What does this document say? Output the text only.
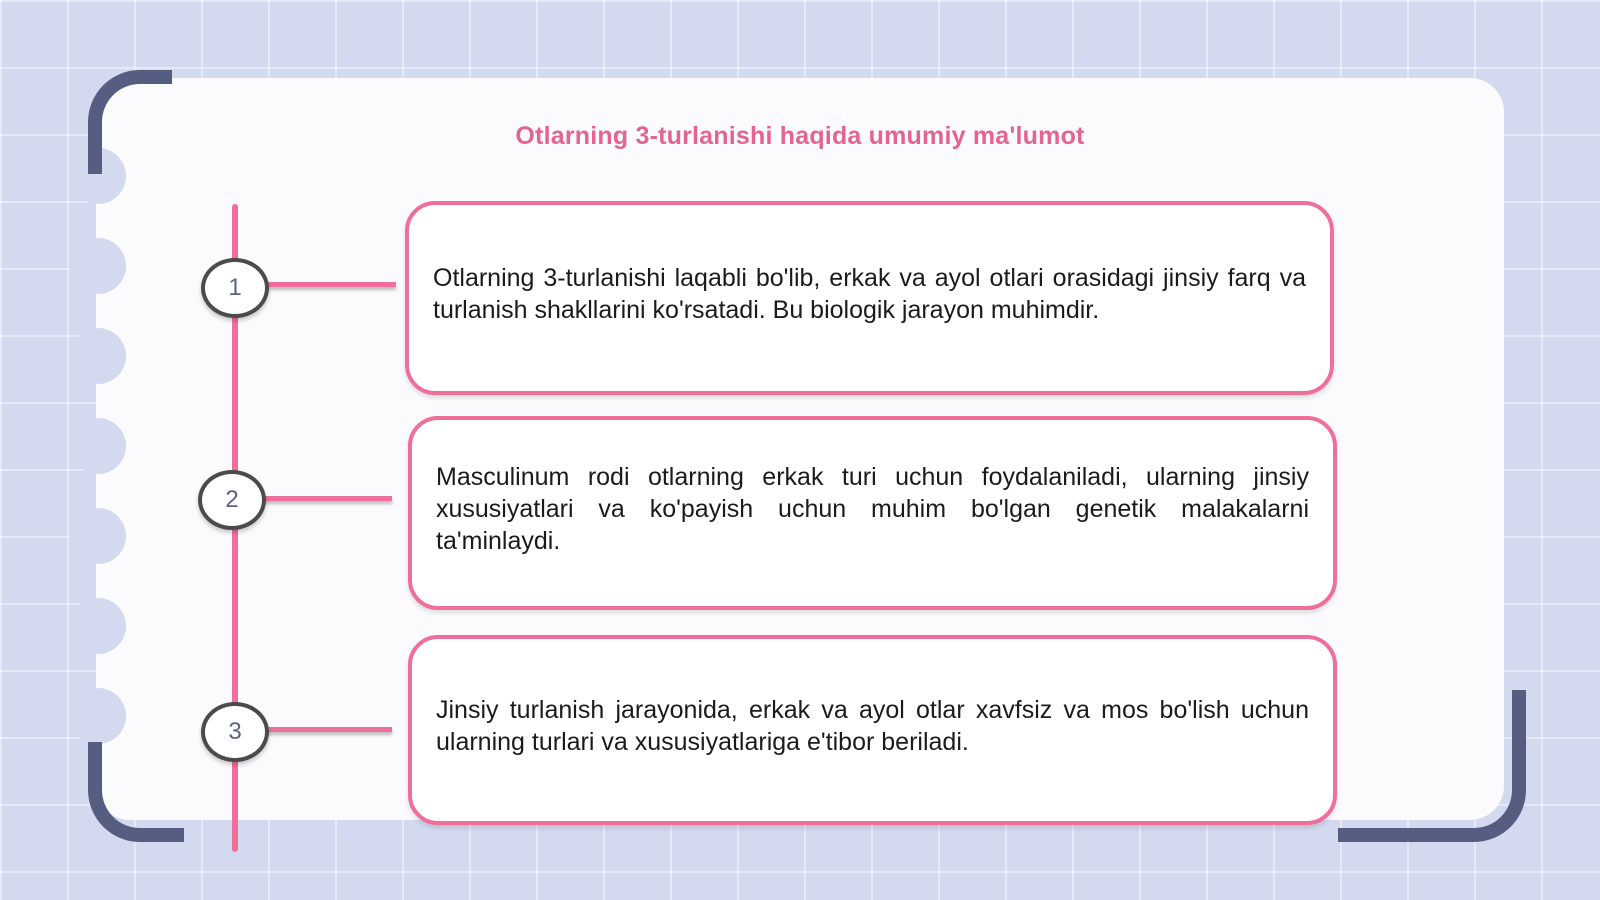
Otlarning 3-turlanishi haqida umumiy ma'lumot
1	Otlarning 3-turlanishi laqabli bo'lib, erkak va ayol otlari orasidagi jinsiy farq va turlanish shakllarini ko'rsatadi. Bu biologik jarayon muhimdir.
2
Masculinum rodi otlarning erkak turi uchun foydalaniladi, ularning jinsiy xususiyatlari va ko'payish uchun muhim bo'lgan genetik malakalarni ta'minlaydi.
3
Jinsiy turlanish jarayonida, erkak va ayol otlar xavfsiz va mos bo'lish uchun ularning turlari va xususiyatlariga e'tibor beriladi.
